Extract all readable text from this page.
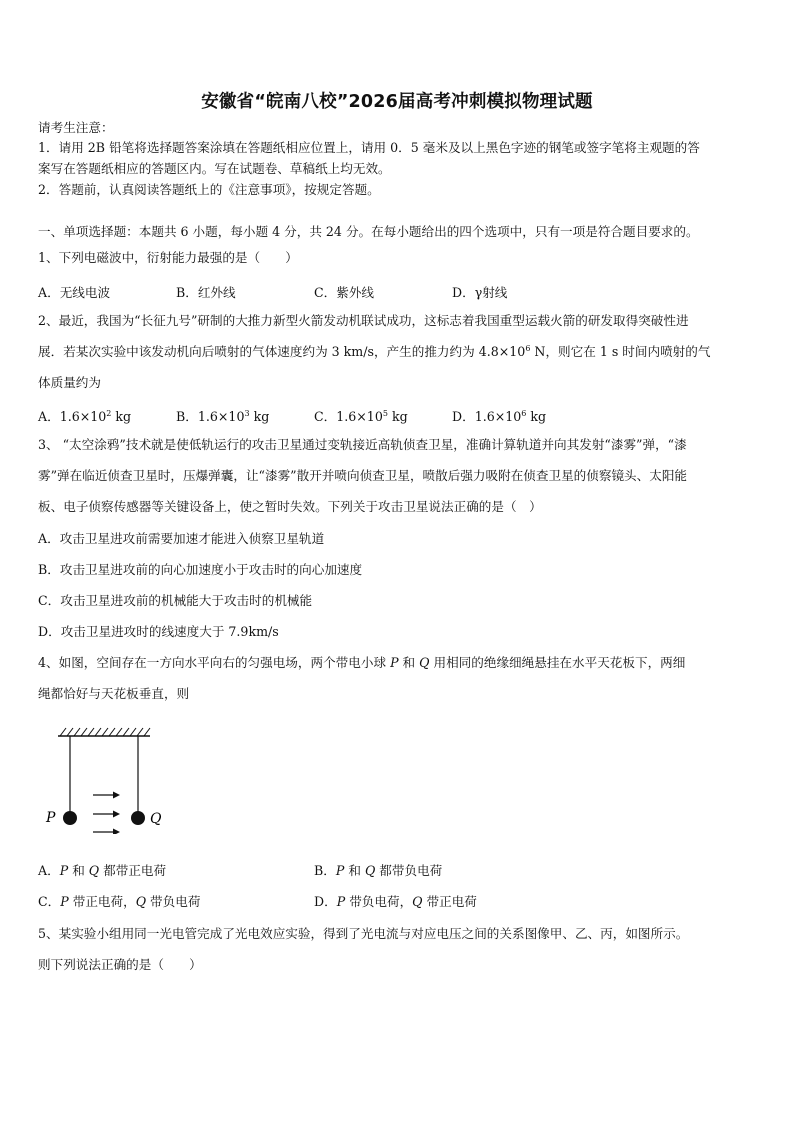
安徽省“皖南八校”2026届高考冲刺模拟物理试题
请考生注意：
1．请用 2B 铅笔将选择题答案涂填在答题纸相应位置上，请用 0．5 毫米及以上黑色字迹的钢笔或签字笔将主观题的答
案写在答题纸相应的答题区内。写在试题卷、草稿纸上均无效。
2．答题前，认真阅读答题纸上的《注意事项》，按规定答题。
一、单项选择题：本题共 6 小题，每小题 4 分，共 24 分。在每小题给出的四个选项中，只有一项是符合题目要求的。
1、下列电磁波中，衍射能力最强的是（　　）
A．无线电波	B．红外线	C．紫外线	D．γ射线
2、最近，我国为“长征九号”研制的大推力新型火箭发动机联试成功，这标志着我国重型运载火箭的研发取得突破性进
展．若某次实验中该发动机向后喷射的气体速度约为 3 km/s，产生的推力约为 $4.8\times 10^6$ N，则它在 1 s 时间内喷射的气
体质量约为
A．$1.6\times 10^2$ kg	B．$1.6\times 10^3$ kg	C．$1.6\times 10^5$ kg	D．$1.6\times 10^6$ kg
3、 “太空涂鸦”技术就是使低轨运行的攻击卫星通过变轨接近高轨侦查卫星，准确计算轨道并向其发射“漆雾”弹，“漆
雾”弹在临近侦查卫星时，压爆弹囊，让“漆雾”散开并喷向侦查卫星，喷散后强力吸附在侦查卫星的侦察镜头、太阳能
板、电子侦察传感器等关键设备上，使之暂时失效。下列关于攻击卫星说法正确的是（　）
A．攻击卫星进攻前需要加速才能进入侦察卫星轨道
B．攻击卫星进攻前的向心加速度小于攻击时的向心加速度
C．攻击卫星进攻前的机械能大于攻击时的机械能
D．攻击卫星进攻时的线速度大于 7.9km/s
4、如图，空间存在一方向水平向右的匀强电场，两个带电小球 P 和 Q 用相同的绝缘细绳悬挂在水平天花板下，两细
绳都恰好与天花板垂直，则
P	Q
A．P 和 Q 都带正电荷	B．P 和 Q 都带负电荷
C．P 带正电荷，Q 带负电荷	D．P 带负电荷，Q 带正电荷
5、某实验小组用同一光电管完成了光电效应实验，得到了光电流与对应电压之间的关系图像甲、乙、丙，如图所示。
则下列说法正确的是（　　）
